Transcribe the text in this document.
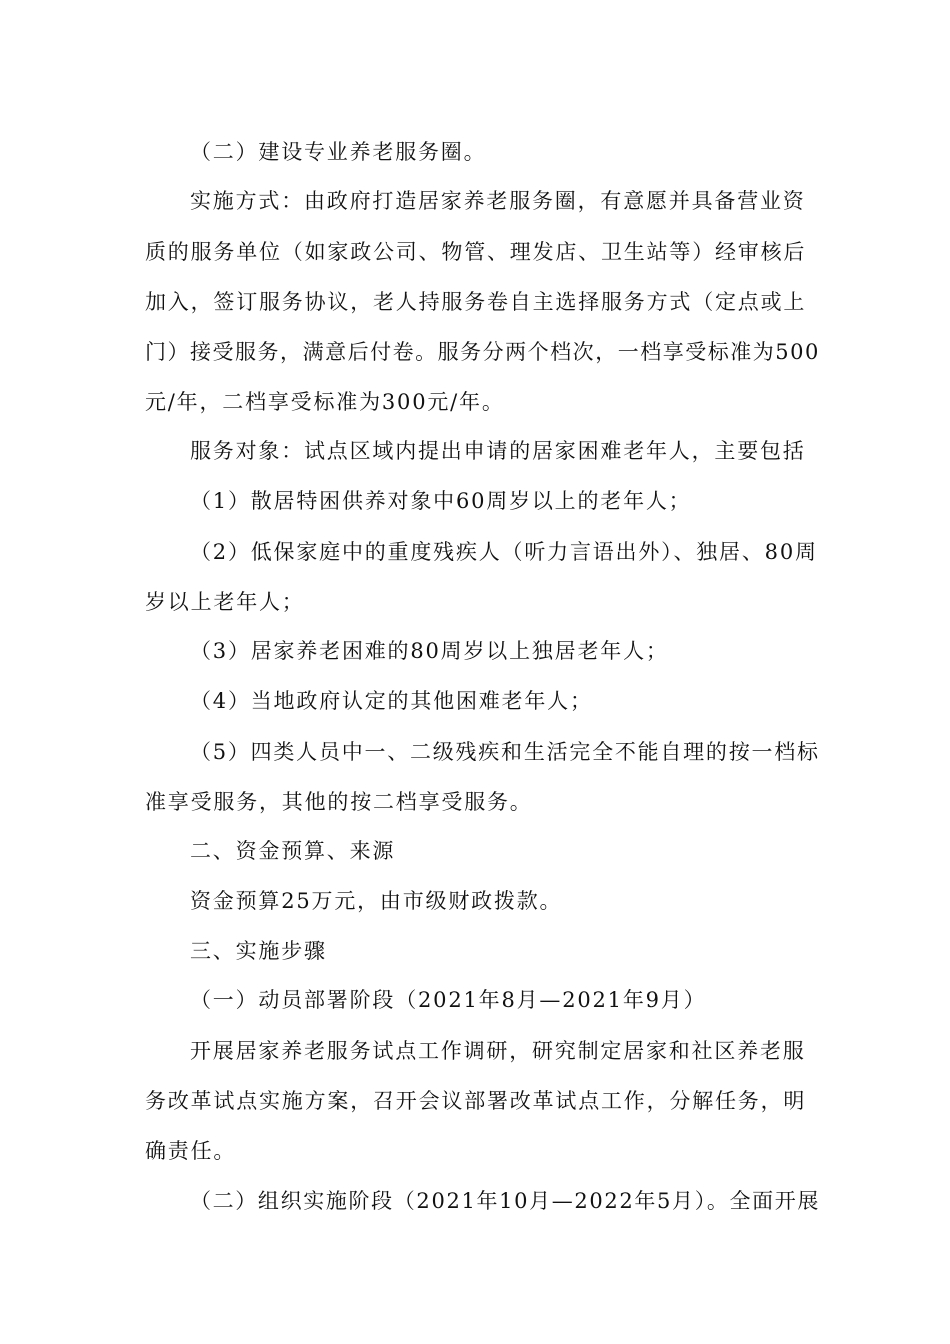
（二）建设专业养老服务圈。
实施方式：由政府打造居家养老服务圈，有意愿并具备营业资
质的服务单位（如家政公司、物管、理发店、卫生站等）经审核后
加入，签订服务协议，老人持服务卷自主选择服务方式（定点或上
门）接受服务，满意后付卷。服务分两个档次，一档享受标准为500
元/年，二档享受标准为300元/年。
服务对象：试点区域内提出申请的居家困难老年人，主要包括
（1）散居特困供养对象中60周岁以上的老年人；
（2）低保家庭中的重度残疾人（听力言语出外）、独居、80周
岁以上老年人；
（3）居家养老困难的80周岁以上独居老年人；
（4）当地政府认定的其他困难老年人；
（5）四类人员中一、二级残疾和生活完全不能自理的按一档标
准享受服务，其他的按二档享受服务。
二、资金预算、来源
资金预算25万元，由市级财政拨款。
三、实施步骤
（一）动员部署阶段（2021年8月—2021年9月）
开展居家养老服务试点工作调研，研究制定居家和社区养老服
务改革试点实施方案，召开会议部署改革试点工作，分解任务，明
确责任。
（二）组织实施阶段（2021年10月—2022年5月）。全面开展
